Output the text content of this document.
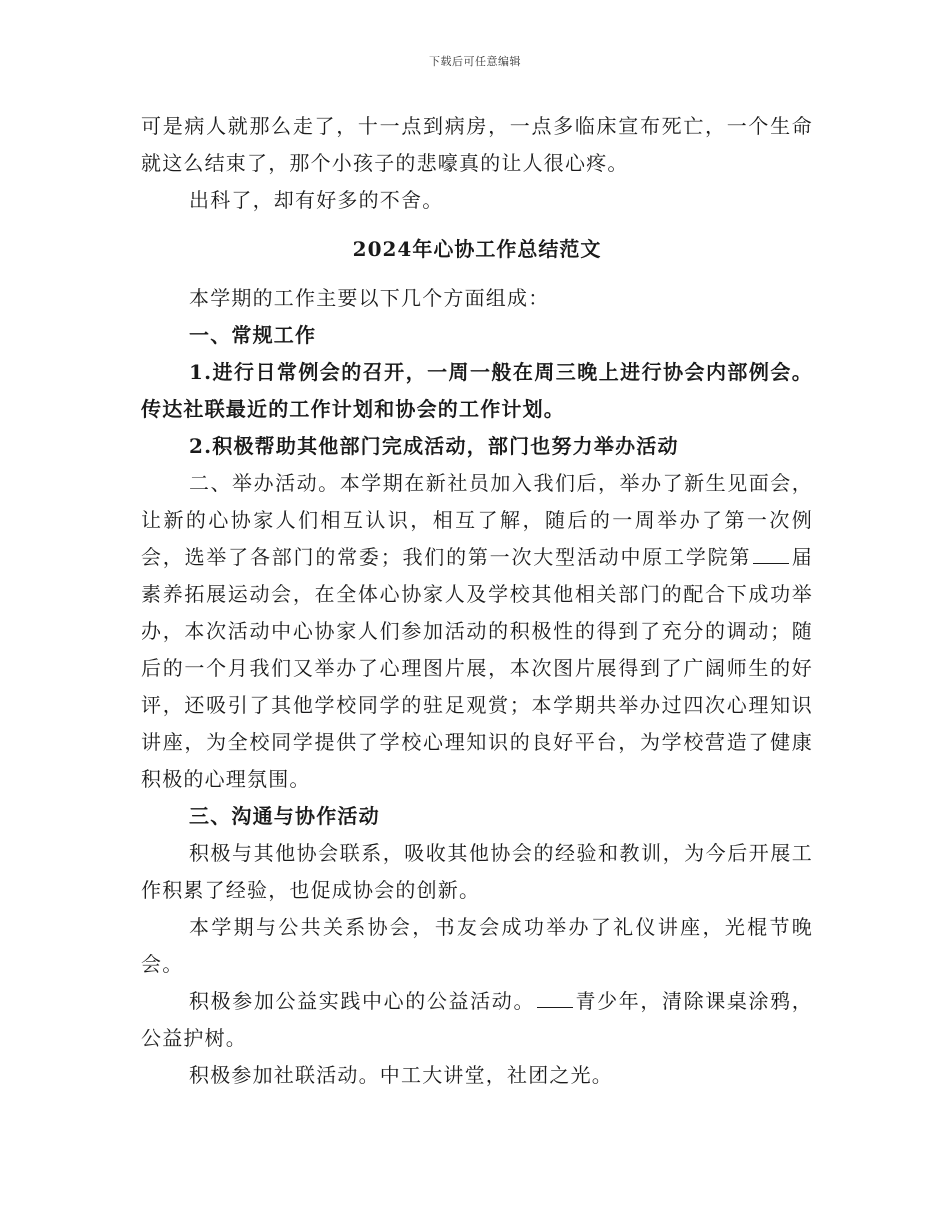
下载后可任意编辑

可是病人就那么走了，十一点到病房，一点多临床宣布死亡，一个生命就这么结束了，那个小孩子的悲嚎真的让人很心疼。

出科了，却有好多的不舍。

2024年心协工作总结范文

本学期的工作主要以下几个方面组成：

一、常规工作

1.进行日常例会的召开，一周一般在周三晚上进行协会内部例会。传达社联最近的工作计划和协会的工作计划。

2.积极帮助其他部门完成活动，部门也努力举办活动

二、举办活动。本学期在新社员加入我们后，举办了新生见面会，让新的心协家人们相互认识，相互了解，随后的一周举办了第一次例会，选举了各部门的常委；我们的第一次大型活动中原工学院第 届素养拓展运动会，在全体心协家人及学校其他相关部门的配合下成功举办，本次活动中心协家人们参加活动的积极性的得到了充分的调动；随后的一个月我们又举办了心理图片展，本次图片展得到了广阔师生的好评，还吸引了其他学校同学的驻足观赏；本学期共举办过四次心理知识讲座，为全校同学提供了学校心理知识的良好平台，为学校营造了健康积极的心理氛围。

三、沟通与协作活动

积极与其他协会联系，吸收其他协会的经验和教训，为今后开展工作积累了经验，也促成协会的创新。

本学期与公共关系协会，书友会成功举办了礼仪讲座，光棍节晚会。

积极参加公益实践中心的公益活动。 青少年，清除课桌涂鸦，公益护树。

积极参加社联活动。中工大讲堂，社团之光。
